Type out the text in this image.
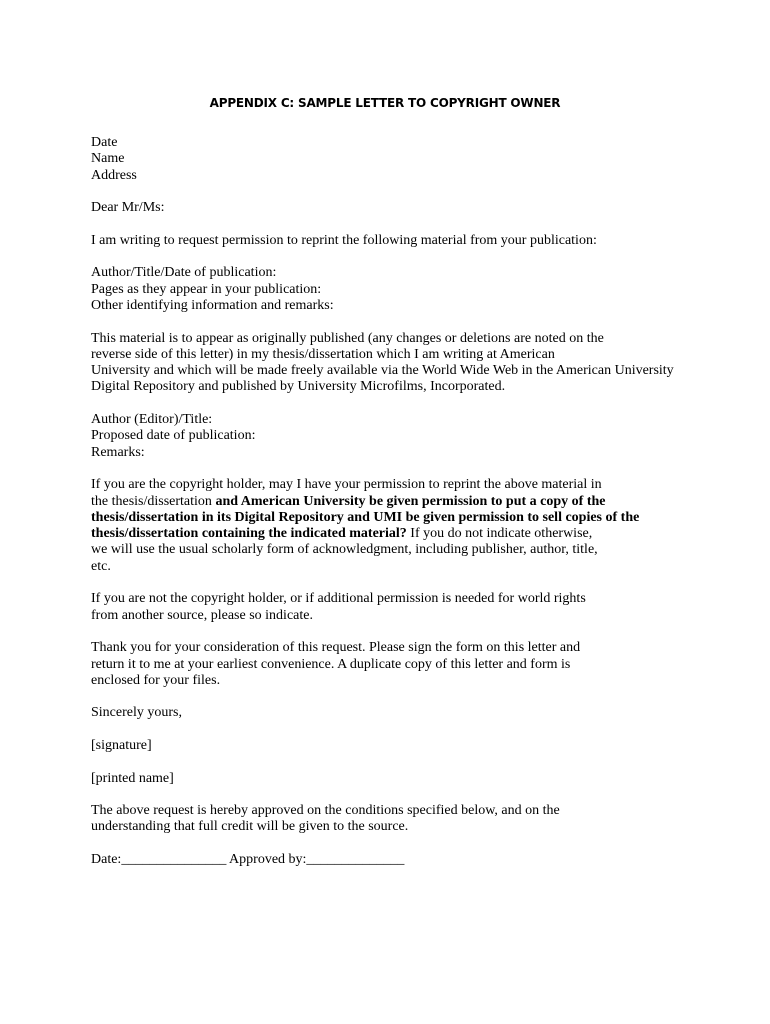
APPENDIX C: SAMPLE LETTER TO COPYRIGHT OWNER
Date
Name
Address
Dear Mr/Ms:
I am writing to request permission to reprint the following material from your publication:
Author/Title/Date of publication:
Pages as they appear in your publication:
Other identifying information and remarks:
This material is to appear as originally published (any changes or deletions are noted on the
reverse side of this letter) in my thesis/dissertation which I am writing at American
University and which will be made freely available via the World Wide Web in the American University
Digital Repository and published by University Microfilms, Incorporated.
Author (Editor)/Title:
Proposed date of publication:
Remarks:
If you are the copyright holder, may I have your permission to reprint the above material in
the thesis/dissertation and American University be given permission to put a copy of the
thesis/dissertation in its Digital Repository and UMI be given permission to sell copies of the
thesis/dissertation containing the indicated material? If you do not indicate otherwise,
we will use the usual scholarly form of acknowledgment, including publisher, author, title,
etc.
If you are not the copyright holder, or if additional permission is needed for world rights
from another source, please so indicate.
Thank you for your consideration of this request. Please sign the form on this letter and
return it to me at your earliest convenience. A duplicate copy of this letter and form is
enclosed for your files.
Sincerely yours,
[signature]
[printed name]
The above request is hereby approved on the conditions specified below, and on the
understanding that full credit will be given to the source.
Date:_______________ Approved by:______________
